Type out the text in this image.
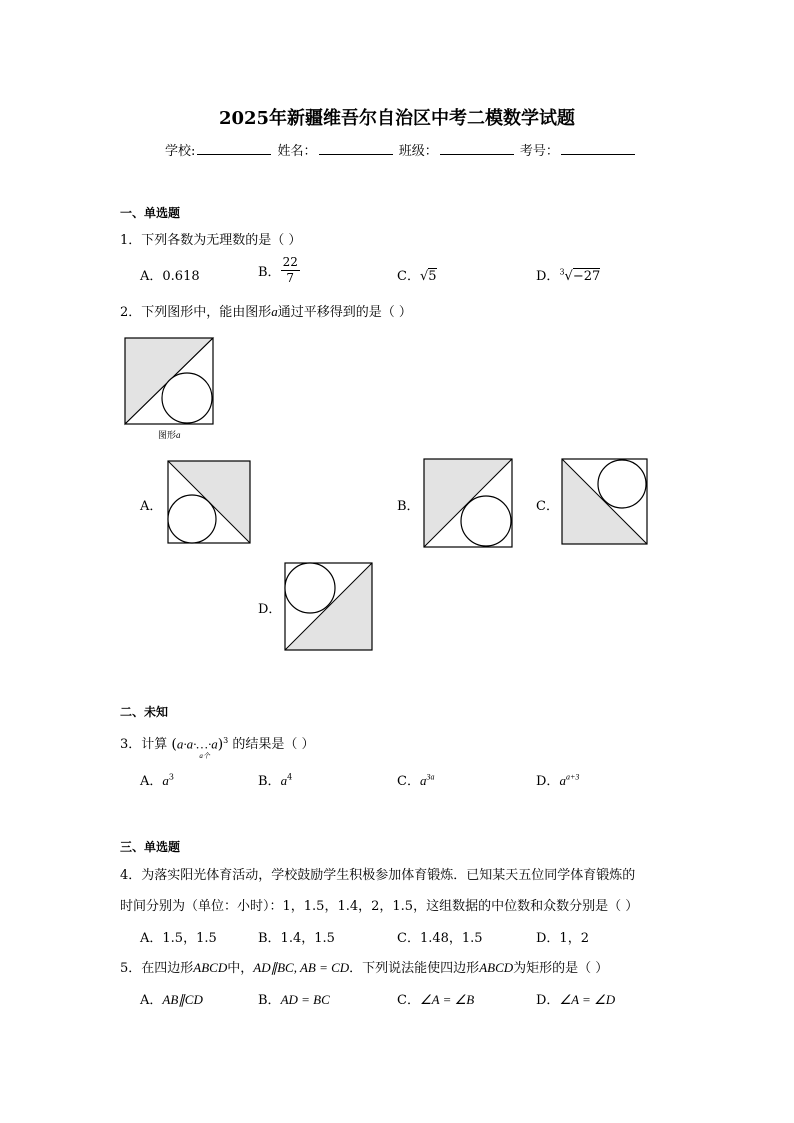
2025年新疆维吾尔自治区中考二模数学试题
学校:	姓名：	班级：	考号：
一、单选题
1．下列各数为无理数的是（ ）
A．0.618	B． $\frac{22}{7}$	C．√5	D．$^3$√−27
2．下列图形中，能由图形a通过平移得到的是（ ）
图形a
A．	B．	C．
D．
二、未知
3．计算 (a·a·…·a)$^3$
a个
的结果是（ ）
A．$a^3$	B．$a^4$	C．$a^{3a}$	D．$a^{a+3}$
三、单选题
4．为落实阳光体育活动，学校鼓励学生积极参加体育锻炼．已知某天五位同学体育锻炼的
时间分别为（单位：小时）：1，1.5，1.4，2，1.5，这组数据的中位数和众数分别是（ ）
A．1.5，1.5	B．1.4，1.5	C．1.48，1.5	D．1，2
5．在四边形ABCD中，AD∥BC, AB = CD．下列说法能使四边形ABCD为矩形的是（ ）
A．AB∥CD	B．AD = BC	C．∠A = ∠B	D．∠A = ∠D
